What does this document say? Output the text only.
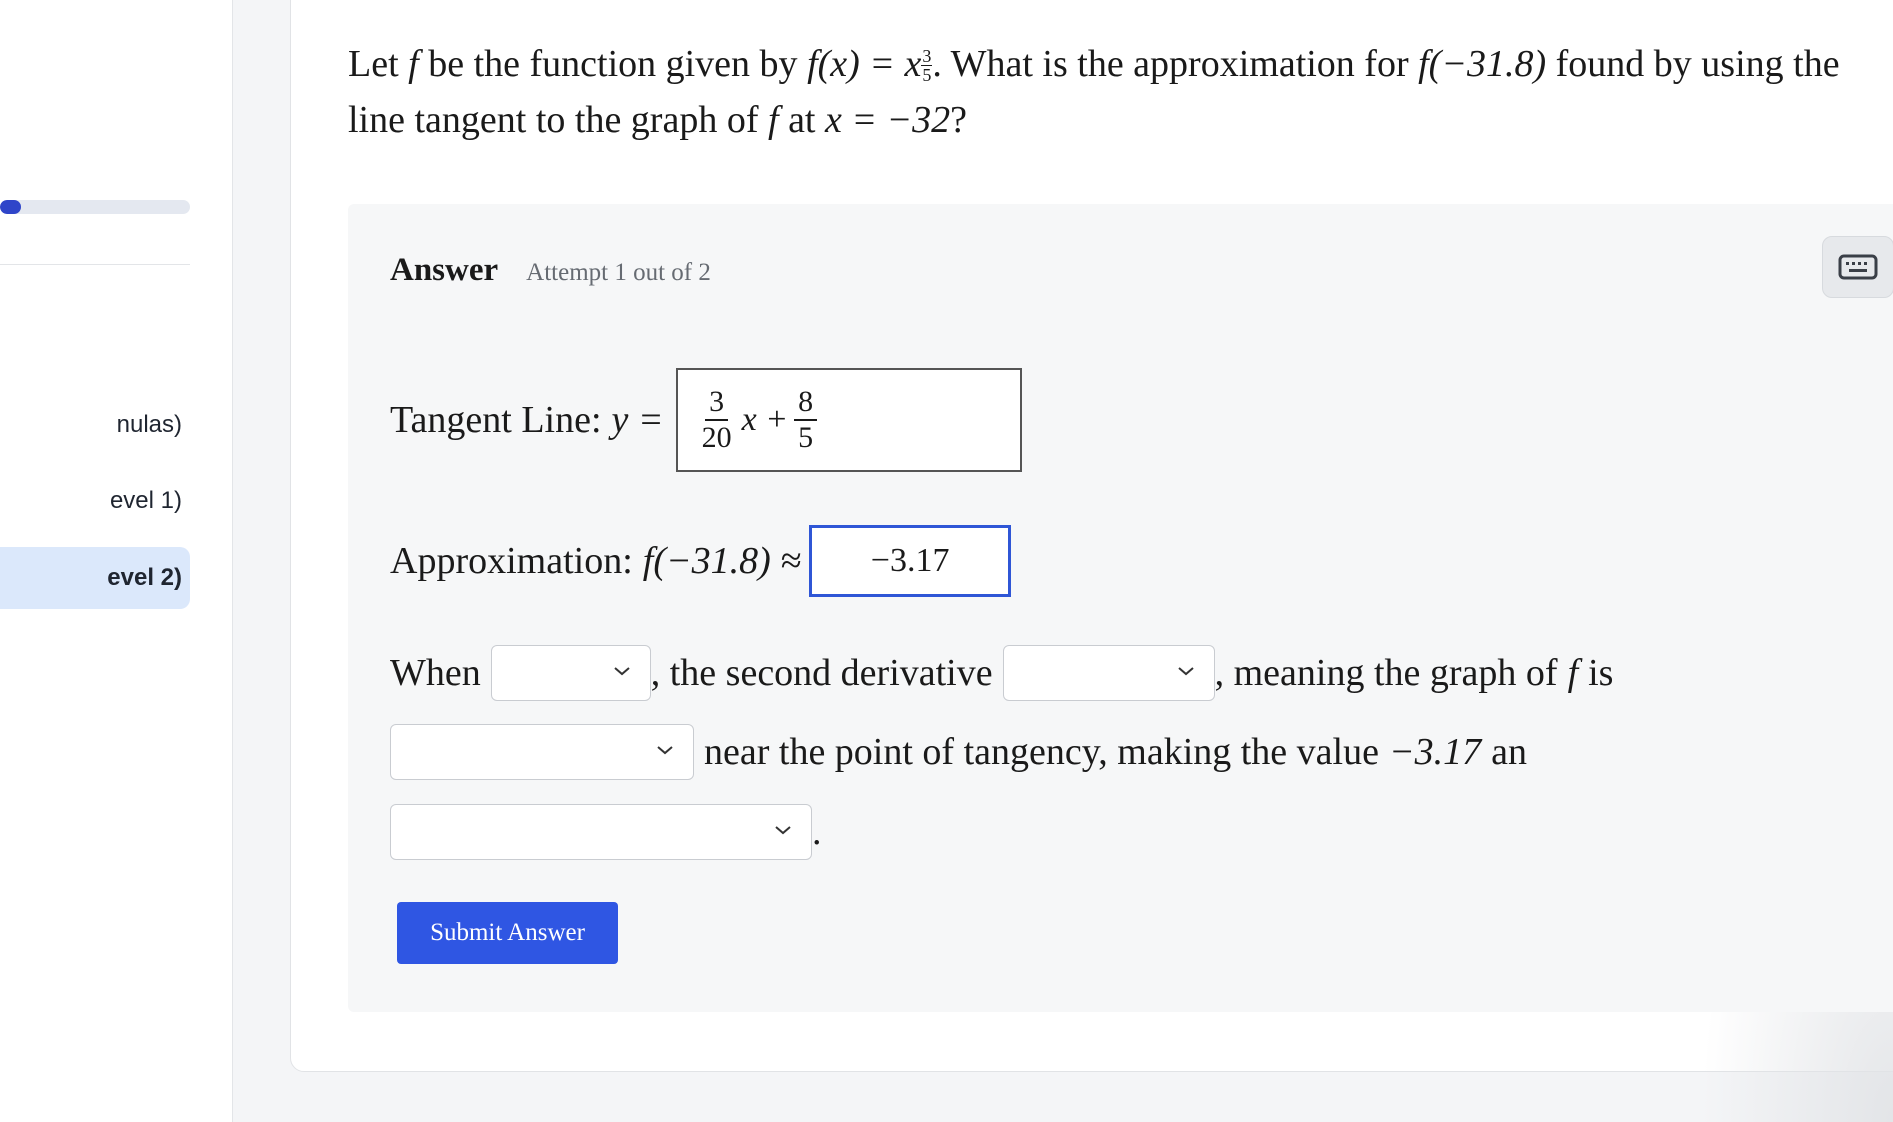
nulas)
evel 1)
evel 2)
Let f be the function given by f(x) = x $\frac{3}{5}$ . What is the approximation for f(−31.8) found by using the line tangent to the graph of f at x = −32?
Answer Attempt 1 out of 2
Tangent Line: $y = \frac{3}{20}$ $x + \frac{8}{5}$
Approximation: f(−31.8) ≈
−3.17
When	, the second derivative	, meaning the graph of f is
near the point of tangency, making the value −3.17 an
.
Submit Answer
